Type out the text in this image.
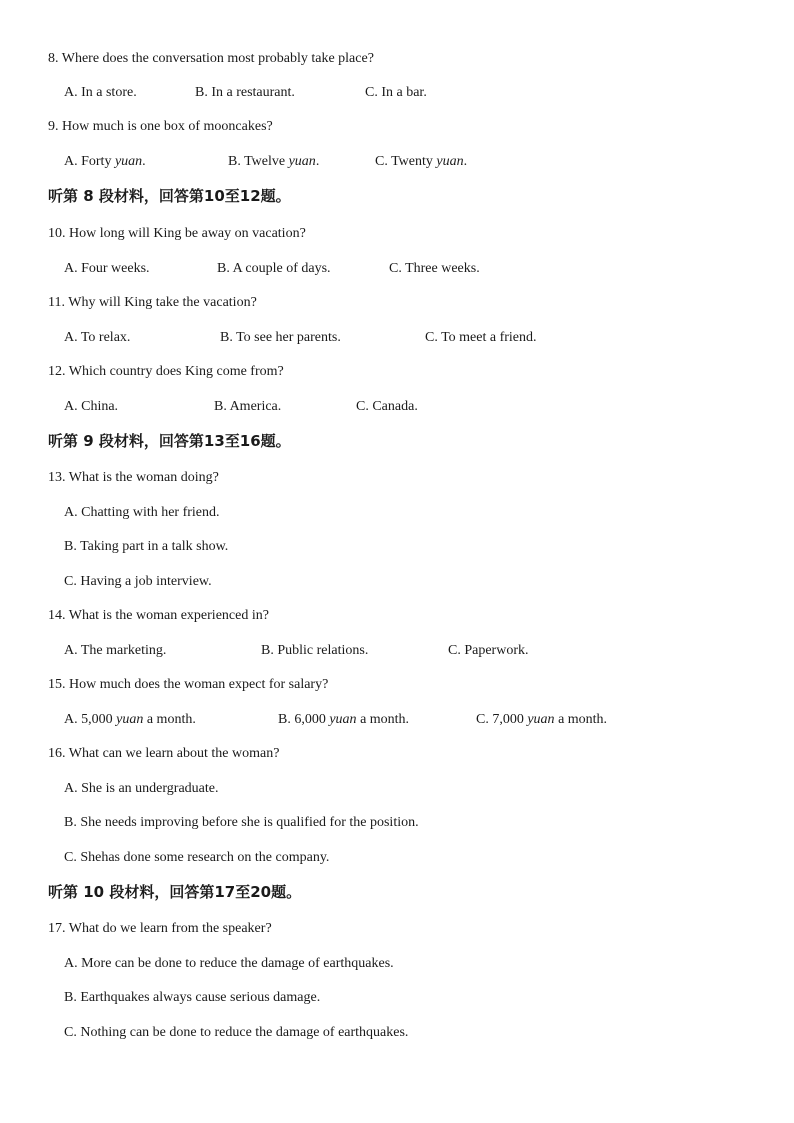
8. Where does the conversation most probably take place?
A. In a store.	B. In a restaurant.	C. In a bar.
9. How much is one box of mooncakes?
A. Forty yuan.	B. Twelve yuan.	C. Twenty yuan.
听第 8 段材料，回答第10至12题。
10. How long will King be away on vacation?
A. Four weeks.	B. A couple of days.	C. Three weeks.
11. Why will King take the vacation?
A. To relax.	B. To see her parents.	C. To meet a friend.
12. Which country does King come from?
A. China.	B. America.	C. Canada.
听第 9 段材料，回答第13至16题。
13. What is the woman doing?
A. Chatting with her friend.
B. Taking part in a talk show.
C. Having a job interview.
14. What is the woman experienced in?
A. The marketing.	B. Public relations.	C. Paperwork.
15. How much does the woman expect for salary?
A. 5,000 yuan a month.	B. 6,000 yuan a month.	C. 7,000 yuan a month.
16. What can we learn about the woman?
A. She is an undergraduate.
B. She needs improving before she is qualified for the position.
C. Shehas done some research on the company.
听第 10 段材料，回答第17至20题。
17. What do we learn from the speaker?
A. More can be done to reduce the damage of earthquakes.
B. Earthquakes always cause serious damage.
C. Nothing can be done to reduce the damage of earthquakes.
